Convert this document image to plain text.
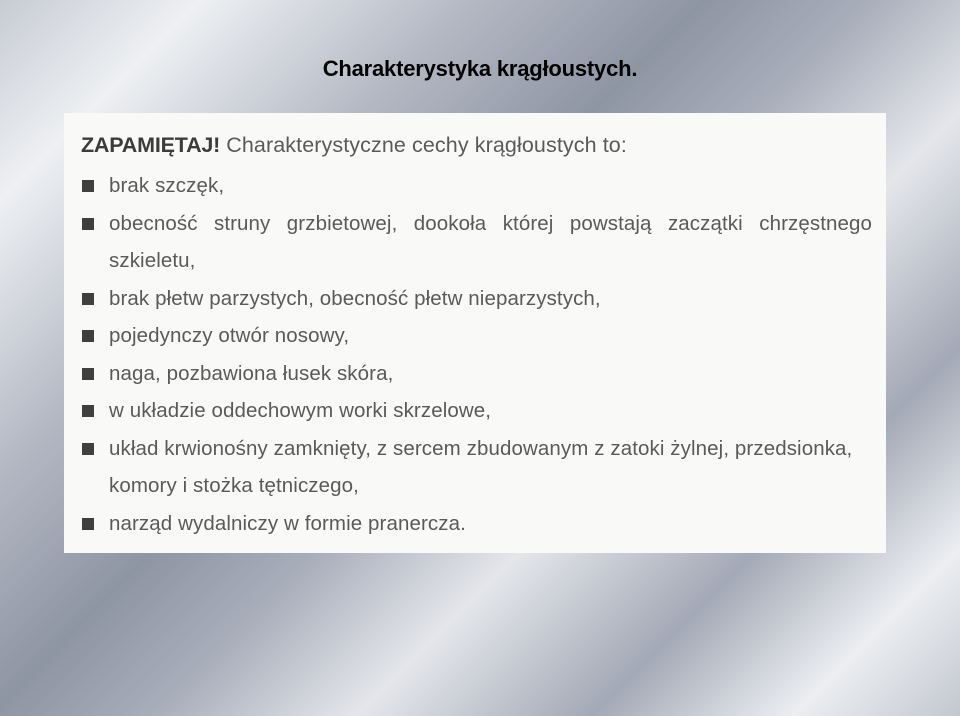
Charakterystyka krągłoustych.
ZAPAMIĘTAJ! Charakterystyczne cechy krągłoustych to:
brak szczęk,
obecność struny grzbietowej, dookoła której powstają zaczątki chrzęstnego szkieletu,
brak płetw parzystych, obecność płetw nieparzystych,
pojedynczy otwór nosowy,
naga, pozbawiona łusek skóra,
w układzie oddechowym worki skrzelowe,
układ krwionośny zamknięty, z sercem zbudowanym z zatoki żylnej, przedsionka, komory i stożka tętniczego,
narząd wydalniczy w formie pranercza.
